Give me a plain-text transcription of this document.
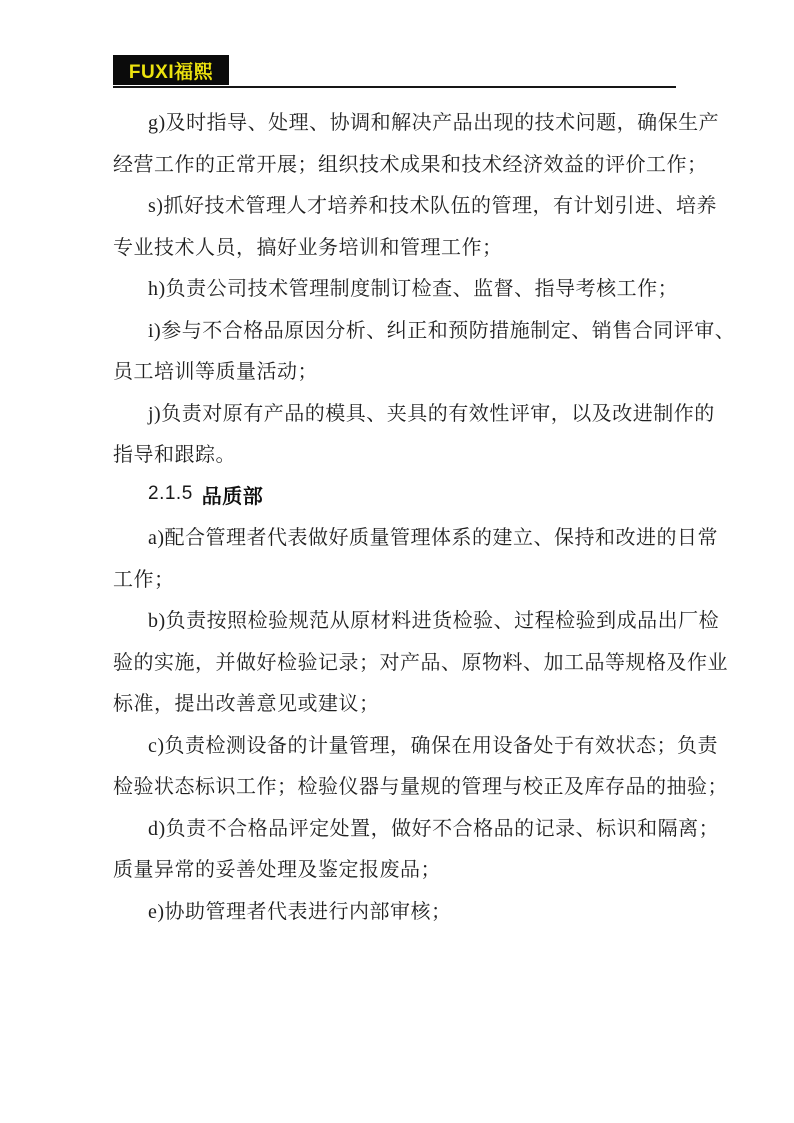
FUXI福熙
g)及时指导、处理、协调和解决产品出现的技术问题，确保生产
经营工作的正常开展；组织技术成果和技术经济效益的评价工作；
s)抓好技术管理人才培养和技术队伍的管理，有计划引进、培养
专业技术人员，搞好业务培训和管理工作；
h)负责公司技术管理制度制订检查、监督、指导考核工作；
i)参与不合格品原因分析、纠正和预防措施制定、销售合同评审、
员工培训等质量活动；
j)负责对原有产品的模具、夹具的有效性评审，以及改进制作的
指导和跟踪。
2.1.5 品质部
a)配合管理者代表做好质量管理体系的建立、保持和改进的日常
工作；
b)负责按照检验规范从原材料进货检验、过程检验到成品出厂检
验的实施，并做好检验记录；对产品、原物料、加工品等规格及作业
标准，提出改善意见或建议；
c)负责检测设备的计量管理，确保在用设备处于有效状态；负责
检验状态标识工作；检验仪器与量规的管理与校正及库存品的抽验；
d)负责不合格品评定处置，做好不合格品的记录、标识和隔离；
质量异常的妥善处理及鉴定报废品；
e)协助管理者代表进行内部审核；
